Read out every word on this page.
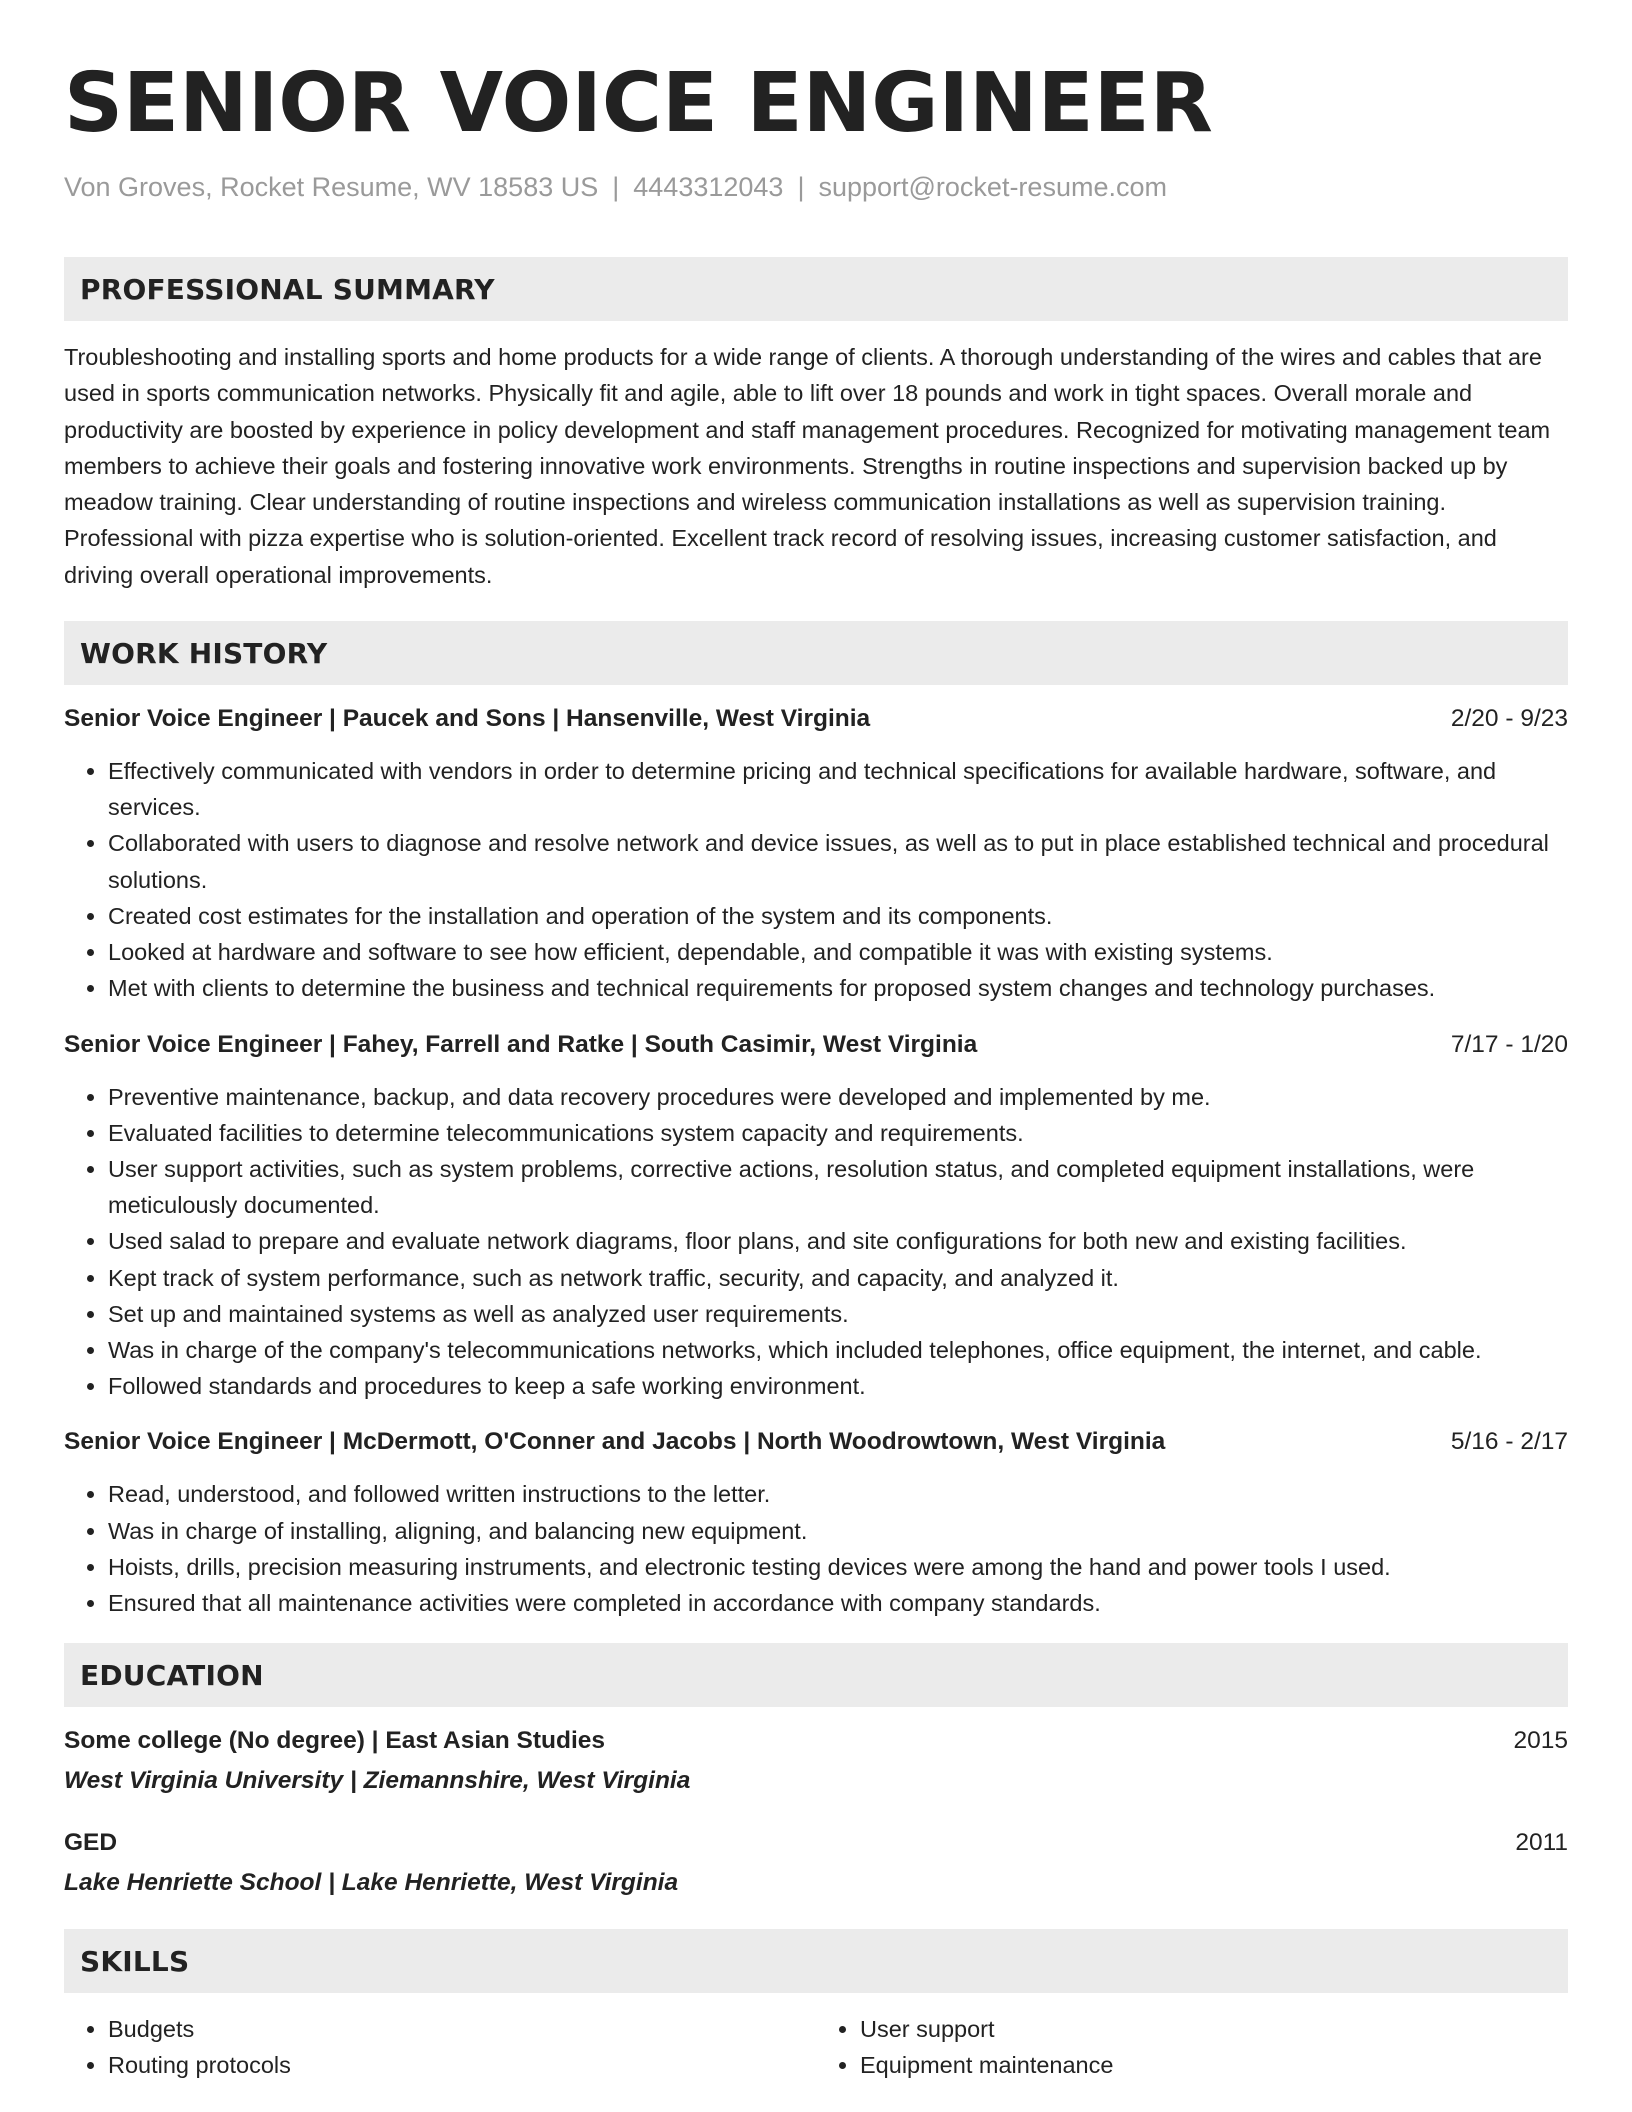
SENIOR VOICE ENGINEER
Von Groves, Rocket Resume, WV 18583 US | 4443312043 | support@rocket-resume.com
PROFESSIONAL SUMMARY

Troubleshooting and installing sports and home products for a wide range of clients. A thorough understanding of the wires and cables that are used in sports communication networks. Physically fit and agile, able to lift over 18 pounds and work in tight spaces. Overall morale and productivity are boosted by experience in policy development and staff management procedures. Recognized for motivating management team members to achieve their goals and fostering innovative work environments. Strengths in routine inspections and supervision backed up by meadow training. Clear understanding of routine inspections and wireless communication installations as well as supervision training. Professional with pizza expertise who is solution-oriented. Excellent track record of resolving issues, increasing customer satisfaction, and driving overall operational improvements.

WORK HISTORY
Senior Voice Engineer | Paucek and Sons | Hansenville, West Virginia	2/20 - 9/23
• Effectively communicated with vendors in order to determine pricing and technical specifications for available hardware, software, and services.
• Collaborated with users to diagnose and resolve network and device issues, as well as to put in place established technical and procedural solutions.
• Created cost estimates for the installation and operation of the system and its components.
• Looked at hardware and software to see how efficient, dependable, and compatible it was with existing systems.
• Met with clients to determine the business and technical requirements for proposed system changes and technology purchases.
Senior Voice Engineer | Fahey, Farrell and Ratke | South Casimir, West Virginia	7/17 - 1/20
• Preventive maintenance, backup, and data recovery procedures were developed and implemented by me.
• Evaluated facilities to determine telecommunications system capacity and requirements.
• User support activities, such as system problems, corrective actions, resolution status, and completed equipment installations, were meticulously documented.
• Used salad to prepare and evaluate network diagrams, floor plans, and site configurations for both new and existing facilities.
• Kept track of system performance, such as network traffic, security, and capacity, and analyzed it.
• Set up and maintained systems as well as analyzed user requirements.
• Was in charge of the company's telecommunications networks, which included telephones, office equipment, the internet, and cable.
• Followed standards and procedures to keep a safe working environment.
Senior Voice Engineer | McDermott, O'Conner and Jacobs | North Woodrowtown, West Virginia	5/16 - 2/17
• Read, understood, and followed written instructions to the letter.
• Was in charge of installing, aligning, and balancing new equipment.
• Hoists, drills, precision measuring instruments, and electronic testing devices were among the hand and power tools I used.
• Ensured that all maintenance activities were completed in accordance with company standards.
EDUCATION
Some college (No degree) | East Asian Studies	2015
West Virginia University | Ziemannshire, West Virginia
GED	2011
Lake Henriette School | Lake Henriette, West Virginia
SKILLS
• Budgets
• Routing protocols
• User support
• Equipment maintenance
